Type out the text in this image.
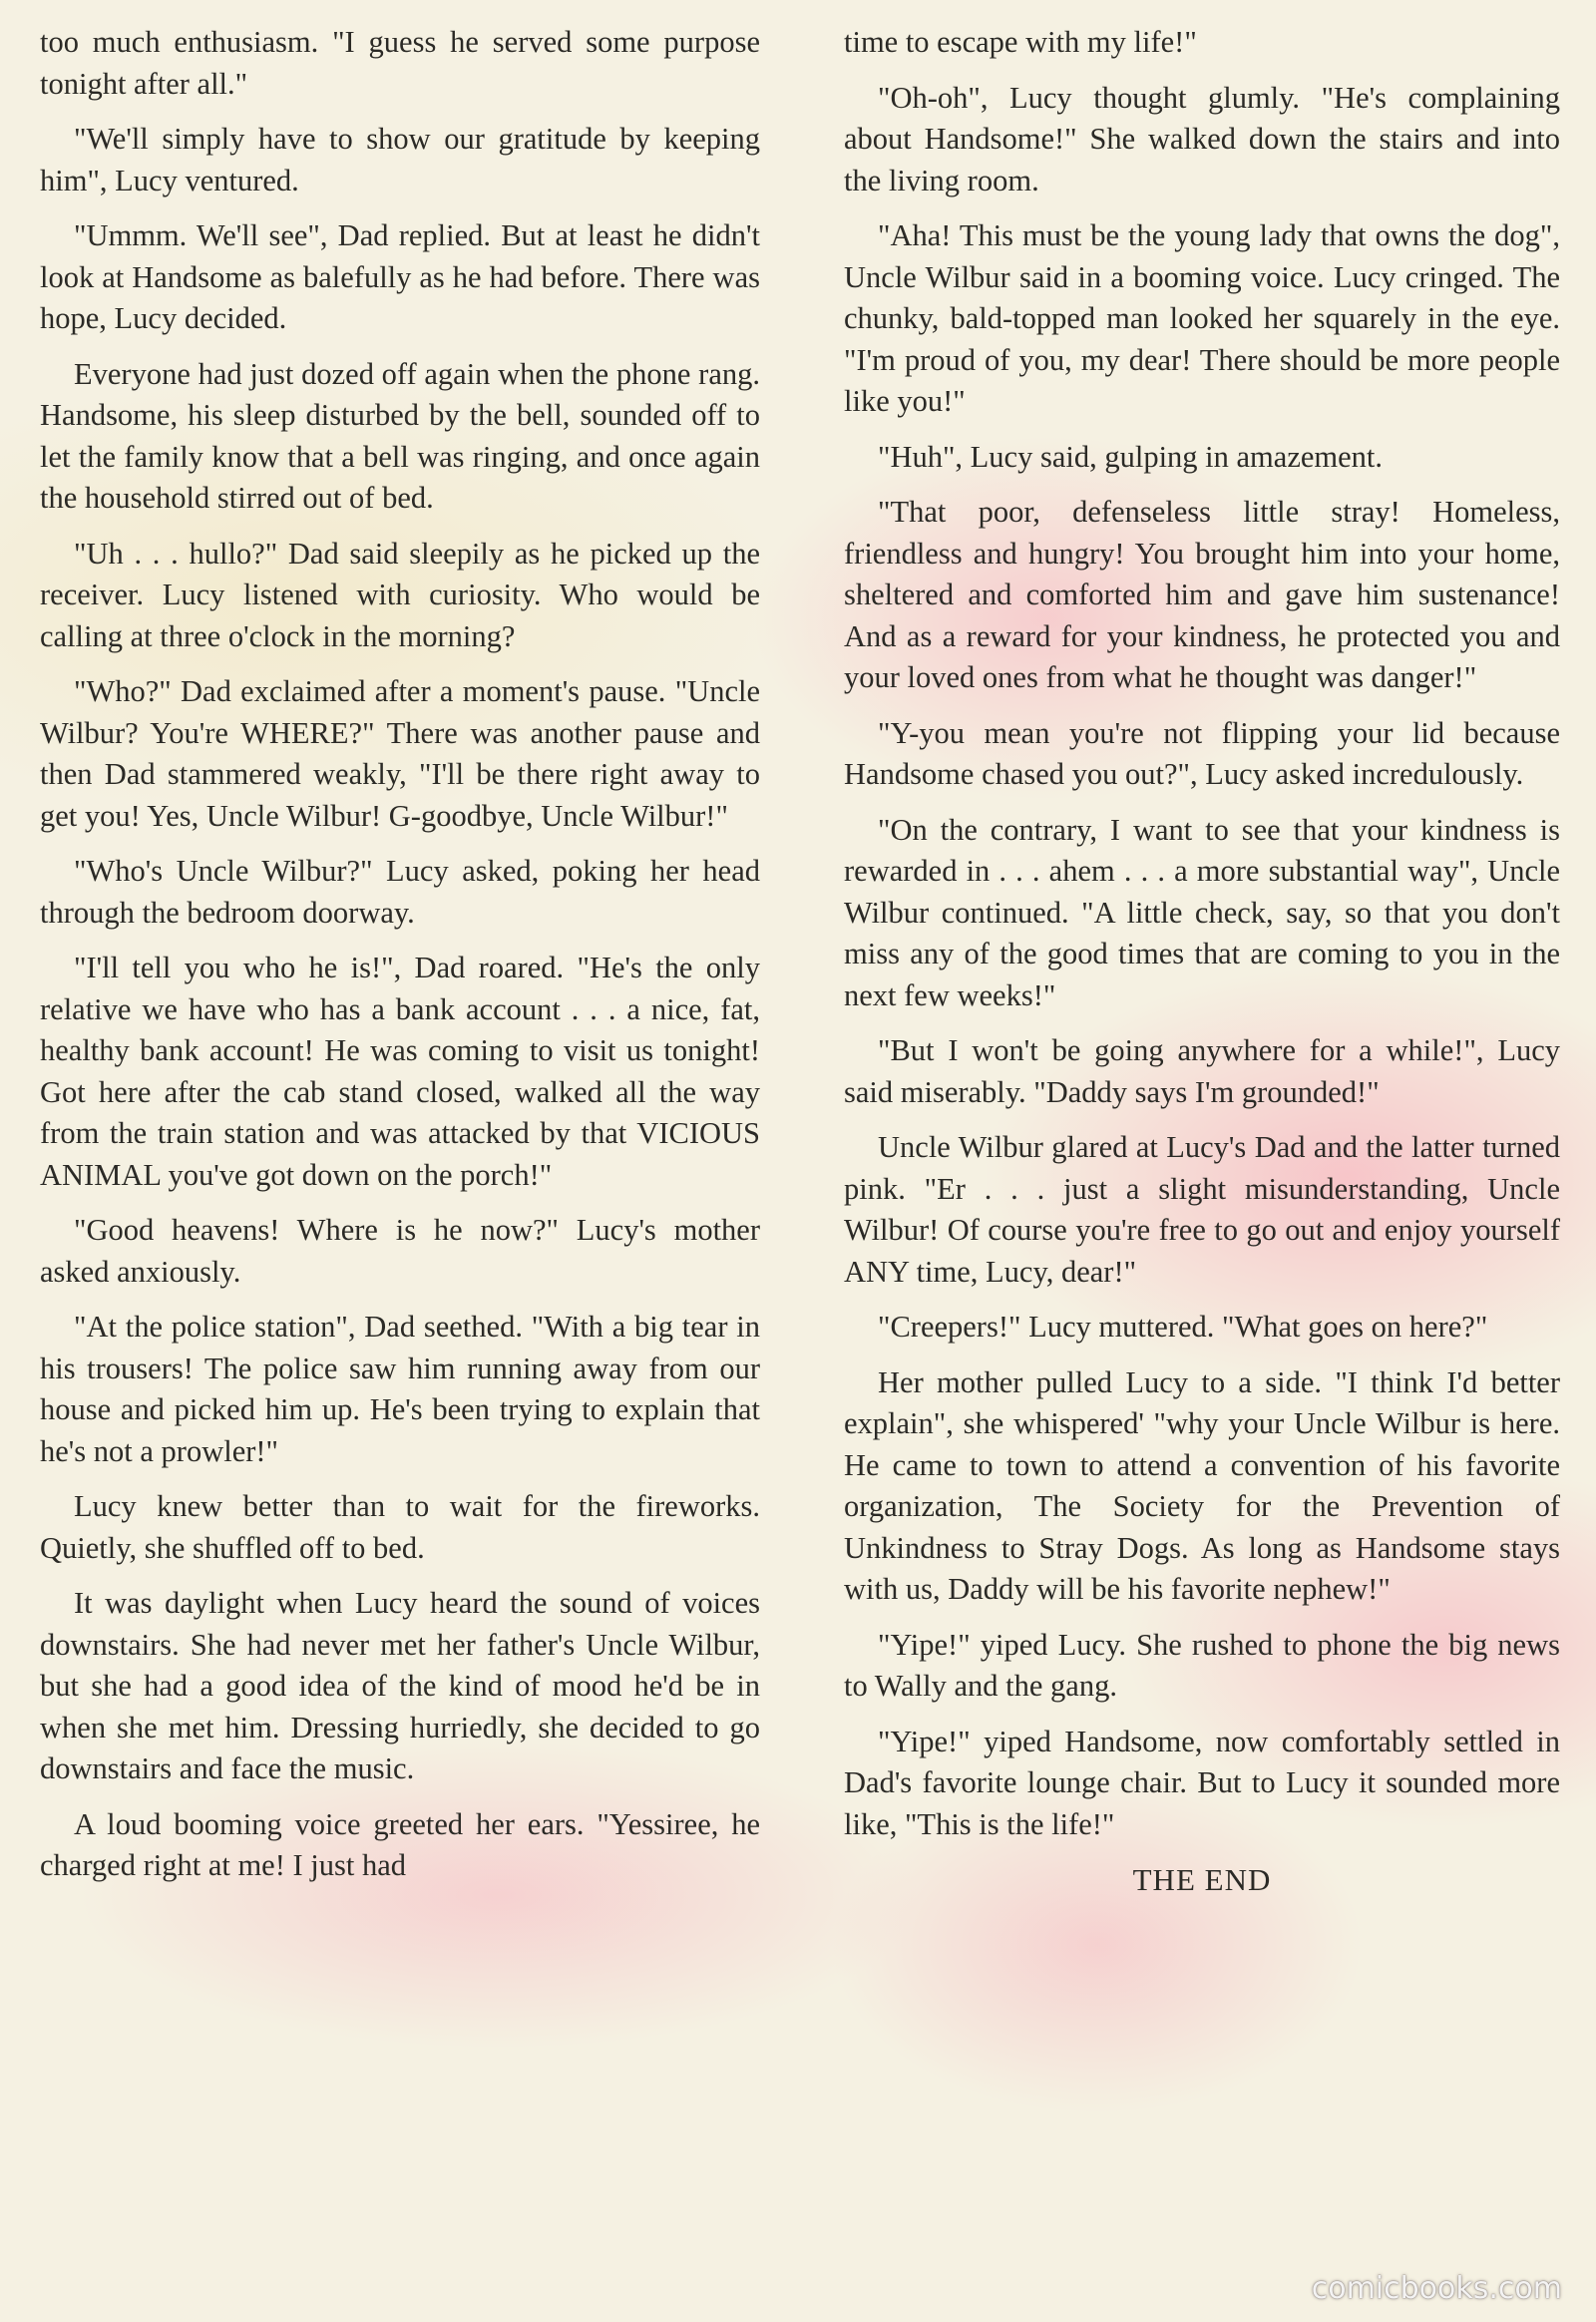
too much enthusiasm. "I guess he served some purpose tonight after all."

"We'll simply have to show our gratitude by keeping him", Lucy ventured.

"Ummm. We'll see", Dad replied. But at least he didn't look at Handsome as balefully as he had before. There was hope, Lucy decided.

Everyone had just dozed off again when the phone rang. Handsome, his sleep disturbed by the bell, sounded off to let the family know that a bell was ringing, and once again the household stirred out of bed.

"Uh . . . hullo?" Dad said sleepily as he picked up the receiver. Lucy listened with curiosity. Who would be calling at three o'clock in the morning?

"Who?" Dad exclaimed after a moment's pause. "Uncle Wilbur? You're WHERE?" There was another pause and then Dad stammered weakly, "I'll be there right away to get you! Yes, Uncle Wilbur! G-goodbye, Uncle Wilbur!"

"Who's Uncle Wilbur?" Lucy asked, poking her head through the bedroom doorway.

"I'll tell you who he is!", Dad roared. "He's the only relative we have who has a bank account . . . a nice, fat, healthy bank account! He was coming to visit us tonight! Got here after the cab stand closed, walked all the way from the train station and was attacked by that VICIOUS ANIMAL you've got down on the porch!"

"Good heavens! Where is he now?" Lucy's mother asked anxiously.

"At the police station", Dad seethed. "With a big tear in his trousers! The police saw him running away from our house and picked him up. He's been trying to explain that he's not a prowler!"

Lucy knew better than to wait for the fireworks. Quietly, she shuffled off to bed.

It was daylight when Lucy heard the sound of voices downstairs. She had never met her father's Uncle Wilbur, but she had a good idea of the kind of mood he'd be in when she met him. Dressing hurriedly, she decided to go downstairs and face the music.

A loud booming voice greeted her ears. "Yessiree, he charged right at me! I just had

time to escape with my life!"

"Oh-oh", Lucy thought glumly. "He's complaining about Handsome!" She walked down the stairs and into the living room.

"Aha! This must be the young lady that owns the dog", Uncle Wilbur said in a booming voice. Lucy cringed. The chunky, bald-topped man looked her squarely in the eye. "I'm proud of you, my dear! There should be more people like you!"

"Huh", Lucy said, gulping in amazement.

"That poor, defenseless little stray! Homeless, friendless and hungry! You brought him into your home, sheltered and comforted him and gave him sustenance! And as a reward for your kindness, he protected you and your loved ones from what he thought was danger!"

"Y-you mean you're not flipping your lid because Handsome chased you out?", Lucy asked incredulously.

"On the contrary, I want to see that your kindness is rewarded in . . . ahem . . . a more substantial way", Uncle Wilbur continued. "A little check, say, so that you don't miss any of the good times that are coming to you in the next few weeks!"

"But I won't be going anywhere for a while!", Lucy said miserably. "Daddy says I'm grounded!"

Uncle Wilbur glared at Lucy's Dad and the latter turned pink. "Er . . . just a slight misunderstanding, Uncle Wilbur! Of course you're free to go out and enjoy yourself ANY time, Lucy, dear!"

"Creepers!" Lucy muttered. "What goes on here?"

Her mother pulled Lucy to a side. "I think I'd better explain", she whispered' "why your Uncle Wilbur is here. He came to town to attend a convention of his favorite organization, The Society for the Prevention of Unkindness to Stray Dogs. As long as Handsome stays with us, Daddy will be his favorite nephew!"

"Yipe!" yiped Lucy. She rushed to phone the big news to Wally and the gang.

"Yipe!" yiped Handsome, now comfortably settled in Dad's favorite lounge chair. But to Lucy it sounded more like, "This is the life!"

THE END
comicbooks.com
